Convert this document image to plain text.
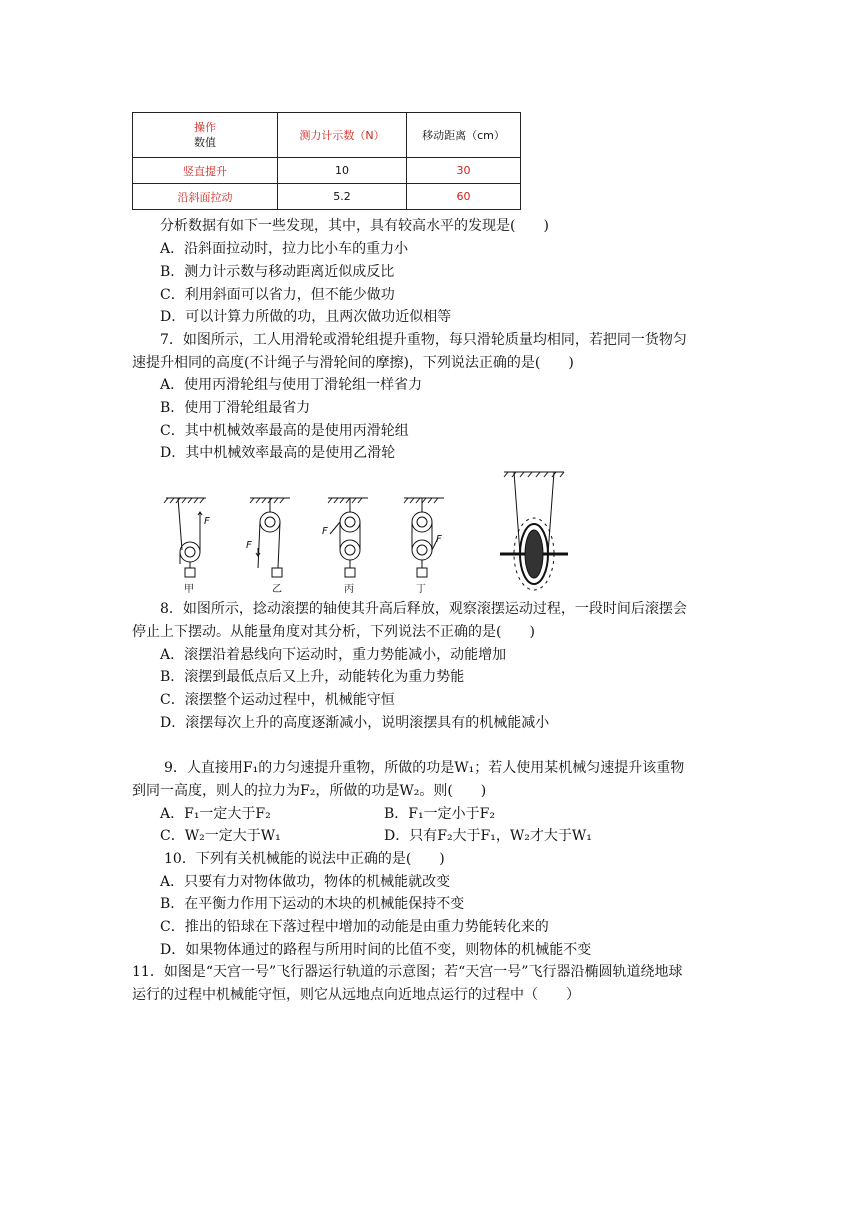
操作
数值	测力计示数（N）	移动距离（cm）
竖直提升	10	30
沿斜面拉动	5.2	60
分析数据有如下一些发现，其中，具有较高水平的发现是(　　)
A．沿斜面拉动时，拉力比小车的重力小
B．测力计示数与移动距离近似成反比
C．利用斜面可以省力，但不能少做功
D．可以计算力所做的功，且两次做功近似相等
7．如图所示，工人用滑轮或滑轮组提升重物，每只滑轮质量均相同，若把同一货物匀
速提升相同的高度(不计绳子与滑轮间的摩擦)，下列说法正确的是(　　)
A．使用丙滑轮组与使用丁滑轮组一样省力
B．使用丁滑轮组最省力
C．其中机械效率最高的是使用丙滑轮组
D．其中机械效率最高的是使用乙滑轮
F
甲
F
乙
F
丙
F
丁
8．如图所示，捻动滚摆的轴使其升高后释放，观察滚摆运动过程，一段时间后滚摆会
停止上下摆动。从能量角度对其分析，下列说法不正确的是(　　)
A．滚摆沿着悬线向下运动时，重力势能减小，动能增加
B．滚摆到最低点后又上升，动能转化为重力势能
C．滚摆整个运动过程中，机械能守恒
D．滚摆每次上升的高度逐渐减小，说明滚摆具有的机械能减小
9．人直接用F₁的力匀速提升重物，所做的功是W₁；若人使用某机械匀速提升该重物
到同一高度，则人的拉力为F₂，所做的功是W₂。则(　　)
A．F₁一定大于F₂	B．F₁一定小于F₂
C．W₂一定大于W₁	D．只有F₂大于F₁，W₂才大于W₁
10．下列有关机械能的说法中正确的是(　　)
A．只要有力对物体做功，物体的机械能就改变
B．在平衡力作用下运动的木块的机械能保持不变
C．推出的铅球在下落过程中增加的动能是由重力势能转化来的
D．如果物体通过的路程与所用时间的比值不变，则物体的机械能不变
11．如图是“天宫一号”飞行器运行轨道的示意图；若“天宫一号”飞行器沿椭圆轨道绕地球
运行的过程中机械能守恒，则它从远地点向近地点运行的过程中（　　）
